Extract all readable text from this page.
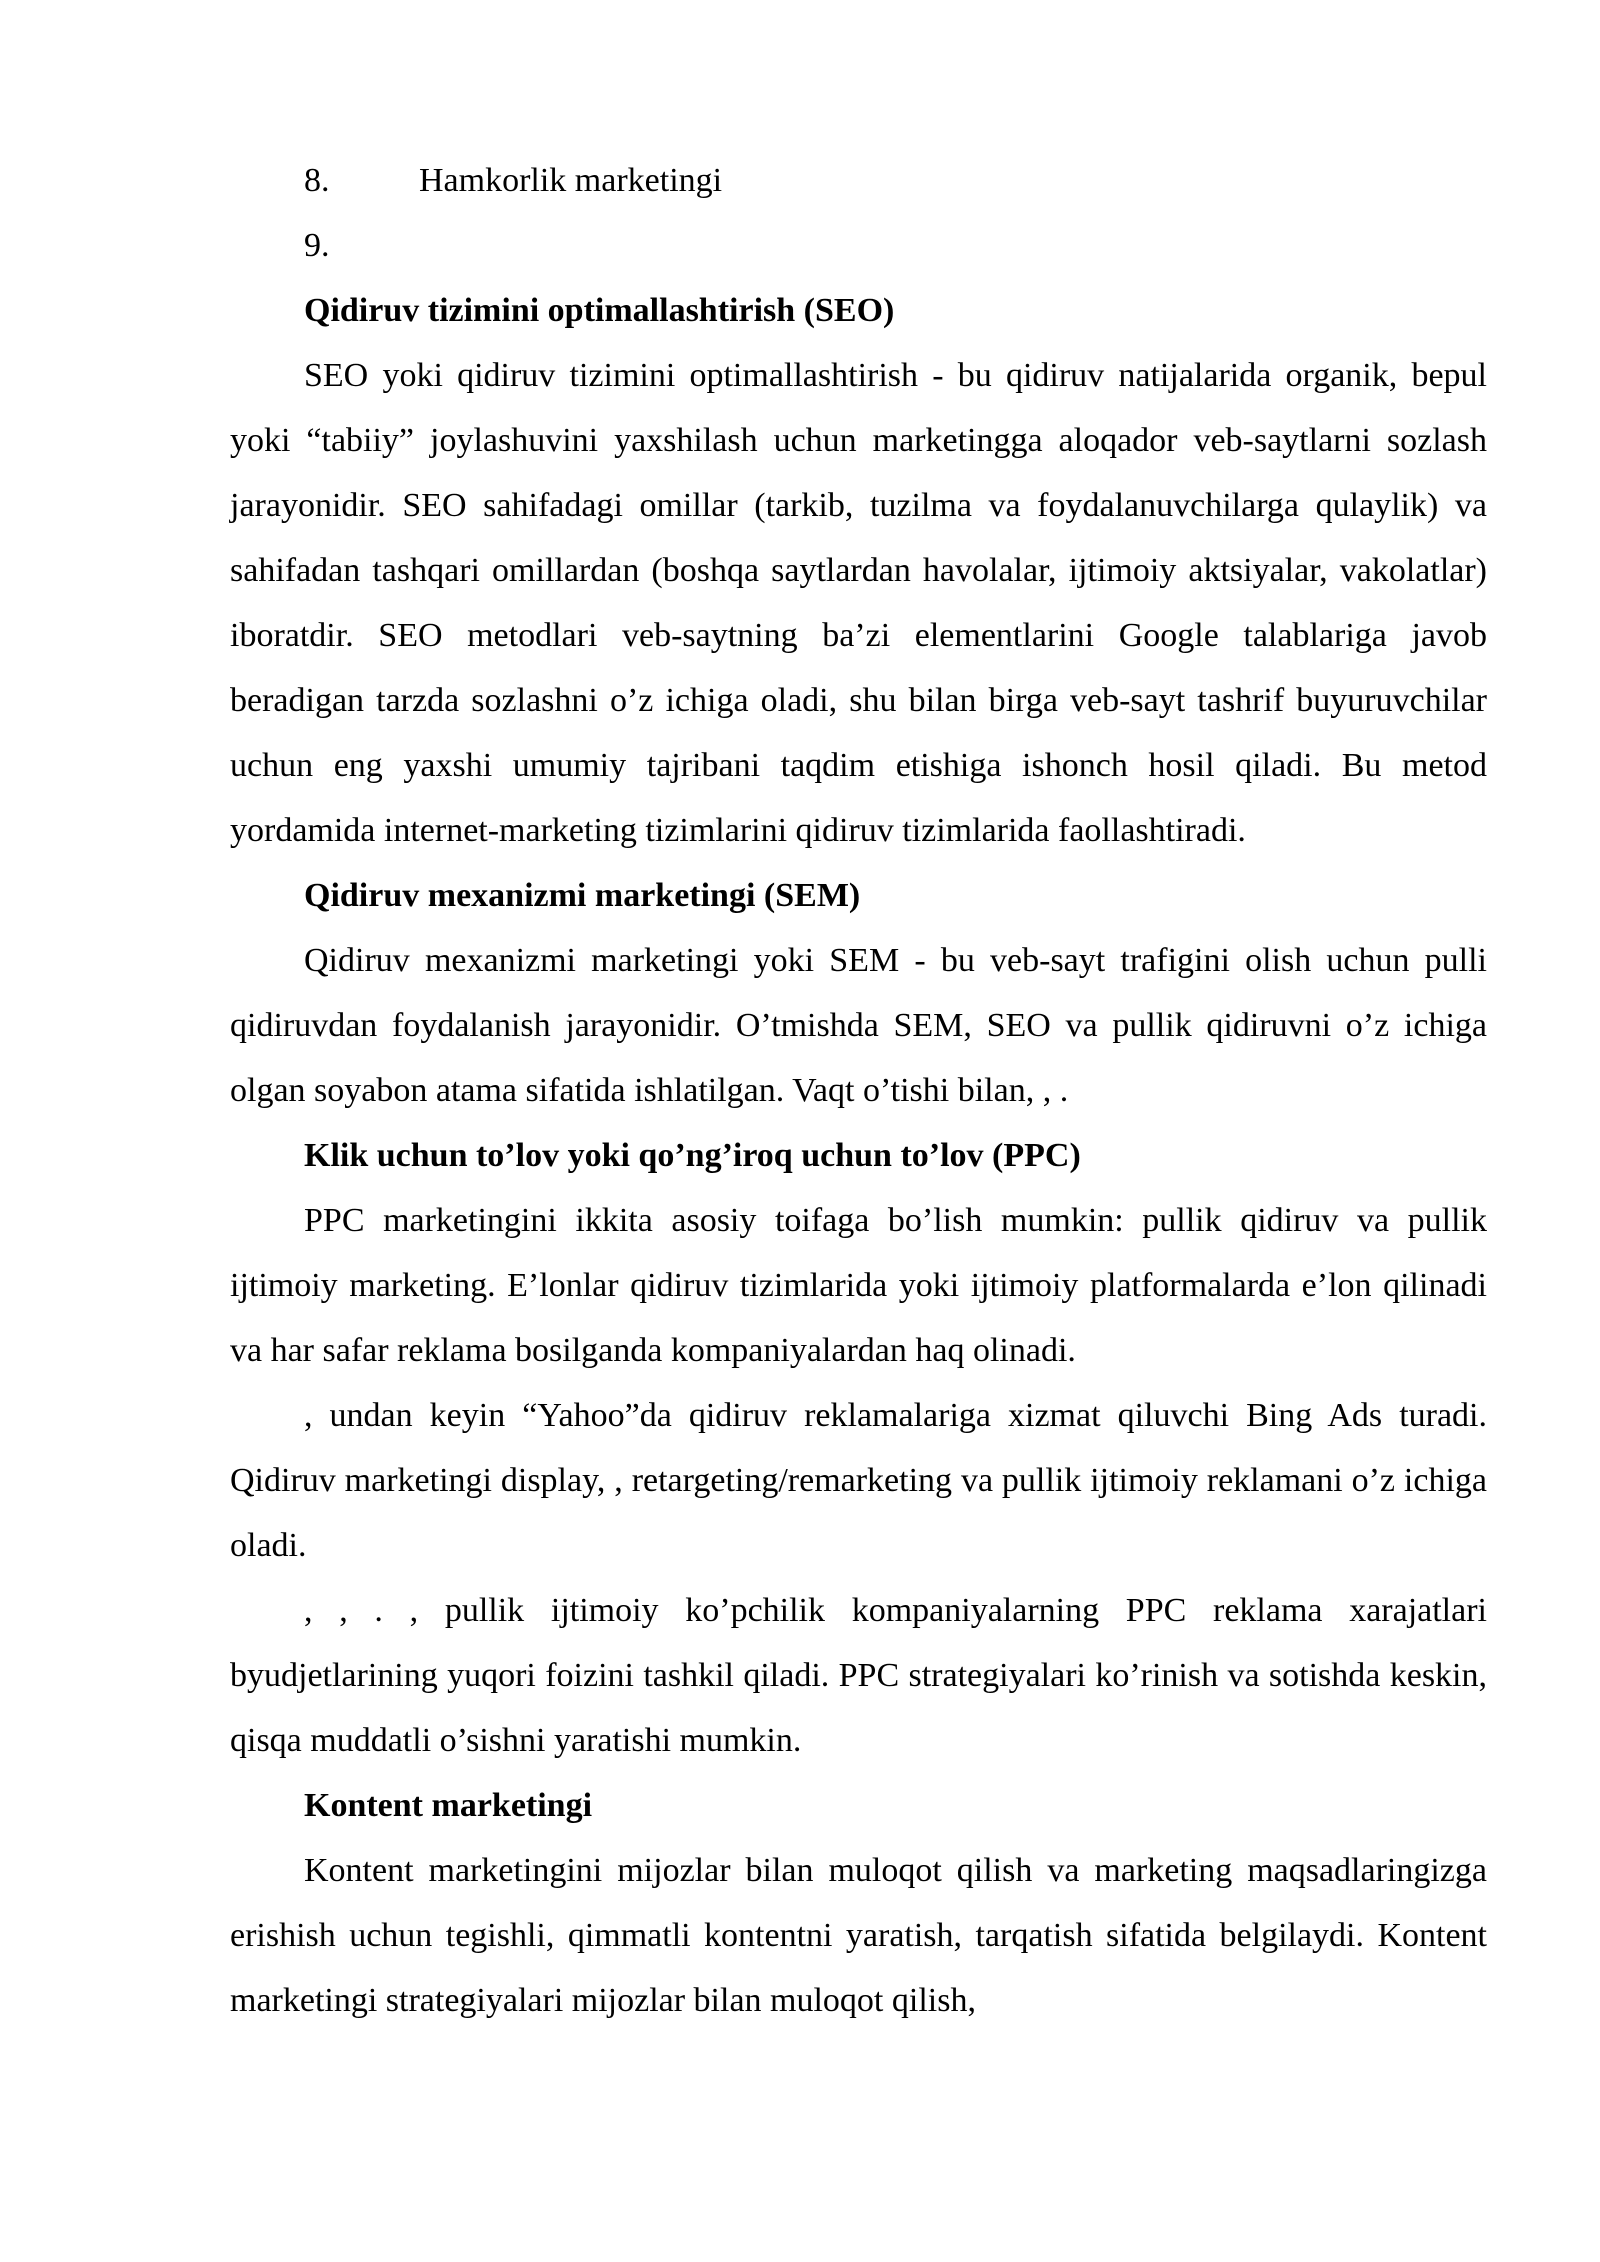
8.	Hamkorlik marketingi
9.

Qidiruv tizimini optimallashtirish (SEO)

SEO yoki qidiruv tizimini optimallashtirish - bu qidiruv natijalarida organik, bepul yoki “tabiiy” joylashuvini yaxshilash uchun marketingga aloqador veb-saytlarni sozlash jarayonidir. SEO sahifadagi omillar (tarkib, tuzilma va foydalanuvchilarga qulaylik) va sahifadan tashqari omillardan (boshqa saytlardan havolalar, ijtimoiy aktsiyalar, vakolatlar) iboratdir. SEO metodlari veb-saytning ba’zi elementlarini Google talablariga javob beradigan tarzda sozlashni o’z ichiga oladi, shu bilan birga veb-sayt tashrif buyuruvchilar uchun eng yaxshi umumiy tajribani taqdim etishiga ishonch hosil qiladi. Bu metod yordamida internet-marketing tizimlarini qidiruv tizimlarida faollashtiradi.

Qidiruv mexanizmi marketingi (SEM)

Qidiruv mexanizmi marketingi yoki SEM - bu veb-sayt trafigini olish uchun pulli qidiruvdan foydalanish jarayonidir. O’tmishda SEM, SEO va pullik qidiruvni o’z ichiga olgan soyabon atama sifatida ishlatilgan. Vaqt o’tishi bilan, , .

Klik uchun to’lov yoki qo’ng’iroq uchun to’lov (PPC)

PPC marketingini ikkita asosiy toifaga bo’lish mumkin: pullik qidiruv va pullik ijtimoiy marketing. E’lonlar qidiruv tizimlarida yoki ijtimoiy platformalarda e’lon qilinadi va har safar reklama bosilganda kompaniyalardan haq olinadi.

, undan keyin “Yahoo”da qidiruv reklamalariga xizmat qiluvchi Bing Ads turadi. Qidiruv marketingi display, , retargeting/remarketing va pullik ijtimoiy reklamani o’z ichiga oladi.

, , . , pullik ijtimoiy ko’pchilik kompaniyalarning PPC reklama xarajatlari byudjetlarining yuqori foizini tashkil qiladi. PPC strategiyalari ko’rinish va sotishda keskin, qisqa muddatli o’sishni yaratishi mumkin.

Kontent marketingi

Kontent marketingini mijozlar bilan muloqot qilish va marketing maqsadlaringizga erishish uchun tegishli, qimmatli kontentni yaratish, tarqatish sifatida belgilaydi. Kontent marketingi strategiyalari mijozlar bilan muloqot qilish,
